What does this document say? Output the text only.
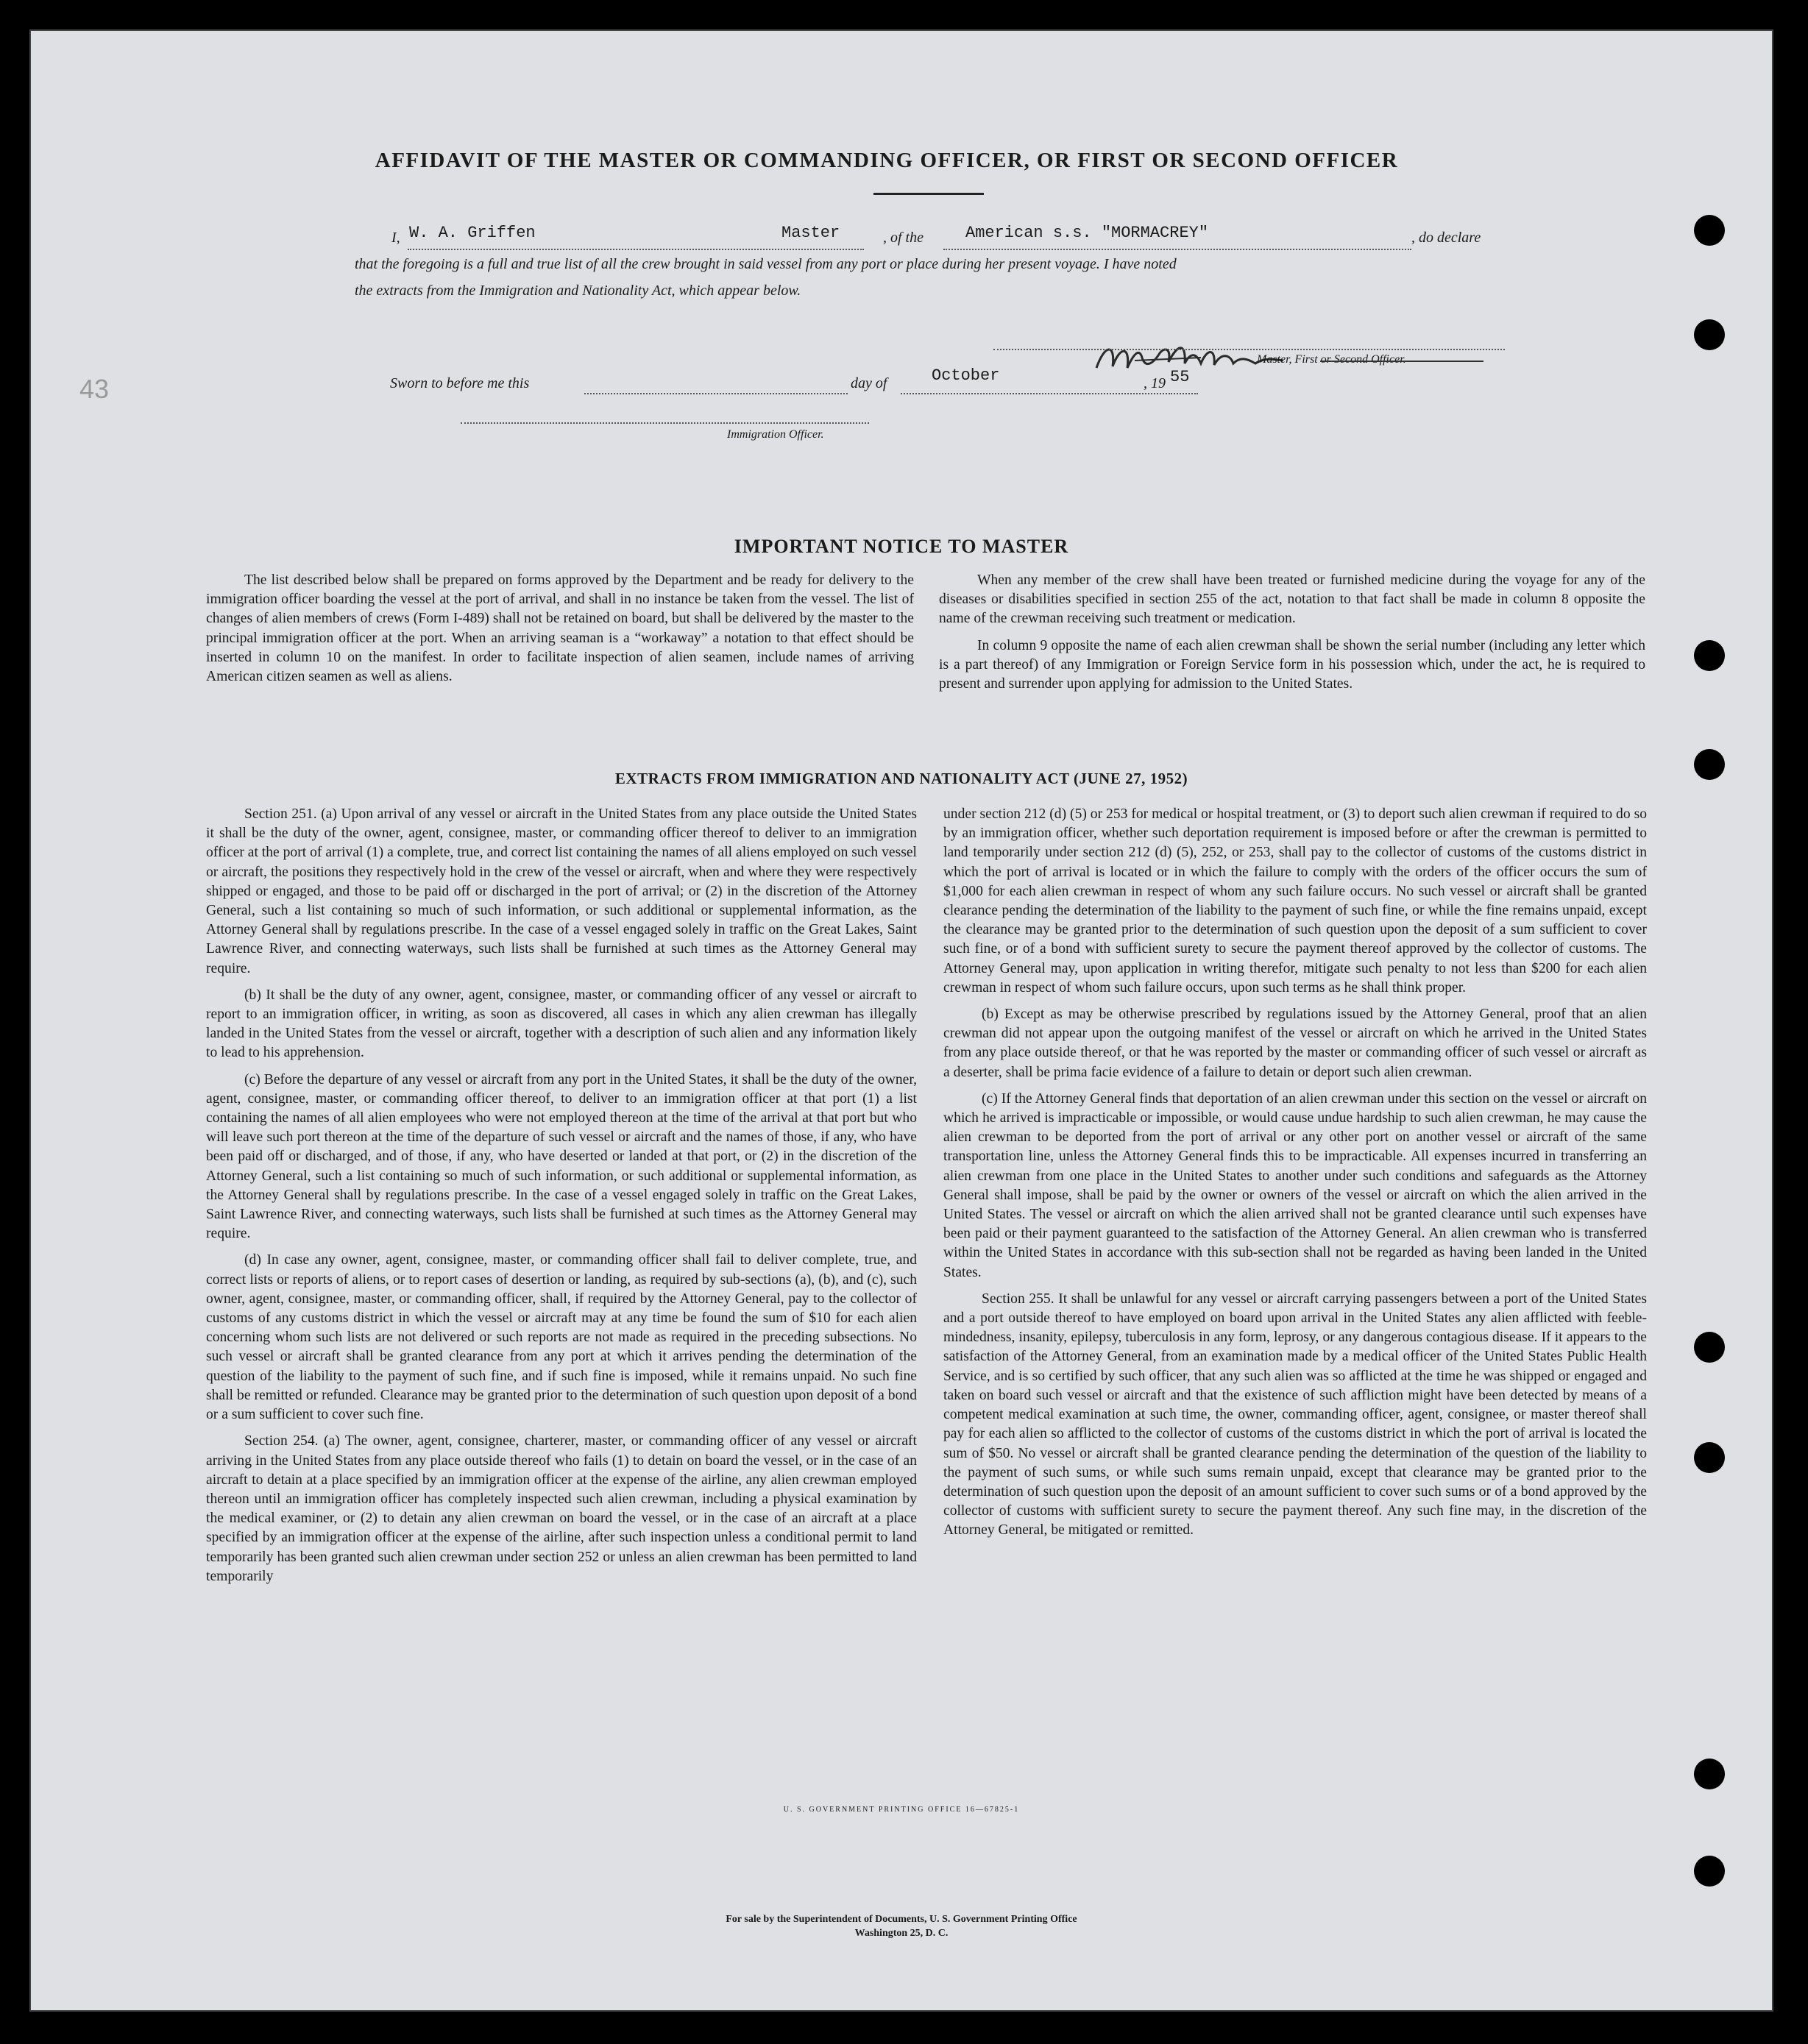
AFFIDAVIT OF THE MASTER OR COMMANDING OFFICER, OR FIRST OR SECOND OFFICER
I, W. A. Griffen	Master	, of the	American s.s. "MORMACREY"	, do declare
that the foregoing is a full and true list of all the crew brought in said vessel from any port or place during her present voyage. I have noted
the extracts from the Immigration and Nationality Act, which appear below.
Master, First or Second Officer.
Sworn to before me this	day of	October	, 19 55
Immigration Officer.
IMPORTANT NOTICE TO MASTER

The list described below shall be prepared on forms approved by the Department and be ready for delivery to the immigration officer boarding the vessel at the port of arrival, and shall in no instance be taken from the vessel. The list of changes of alien members of crews (Form I-489) shall not be retained on board, but shall be delivered by the master to the principal immigration officer at the port. When an arriving seaman is a “workaway” a notation to that effect should be inserted in column 10 on the manifest. In order to facilitate inspection of alien seamen, include names of arriving American citizen seamen as well as aliens.

When any member of the crew shall have been treated or furnished medicine during the voyage for any of the diseases or disabilities specified in section 255 of the act, notation to that fact shall be made in column 8 opposite the name of the crewman receiving such treatment or medication.

In column 9 opposite the name of each alien crewman shall be shown the serial number (including any letter which is a part thereof) of any Immigration or Foreign Service form in his possession which, under the act, he is required to present and surrender upon applying for admission to the United States.

EXTRACTS FROM IMMIGRATION AND NATIONALITY ACT (JUNE 27, 1952)

Section 251. (a) Upon arrival of any vessel or aircraft in the United States from any place outside the United States it shall be the duty of the owner, agent, consignee, master, or commanding officer thereof to deliver to an immigration officer at the port of arrival (1) a complete, true, and correct list containing the names of all aliens employed on such vessel or aircraft, the positions they respectively hold in the crew of the vessel or aircraft, when and where they were respectively shipped or engaged, and those to be paid off or discharged in the port of arrival; or (2) in the discretion of the Attorney General, such a list containing so much of such information, or such additional or supplemental information, as the Attorney General shall by regulations prescribe. In the case of a vessel engaged solely in traffic on the Great Lakes, Saint Lawrence River, and connecting waterways, such lists shall be furnished at such times as the Attorney General may require.

(b) It shall be the duty of any owner, agent, consignee, master, or commanding officer of any vessel or aircraft to report to an immigration officer, in writing, as soon as discovered, all cases in which any alien crewman has illegally landed in the United States from the vessel or aircraft, together with a description of such alien and any information likely to lead to his apprehension.

(c) Before the departure of any vessel or aircraft from any port in the United States, it shall be the duty of the owner, agent, consignee, master, or commanding officer thereof, to deliver to an immigration officer at that port (1) a list containing the names of all alien employees who were not employed thereon at the time of the arrival at that port but who will leave such port thereon at the time of the departure of such vessel or aircraft and the names of those, if any, who have been paid off or discharged, and of those, if any, who have deserted or landed at that port, or (2) in the discretion of the Attorney General, such a list containing so much of such information, or such additional or supplemental information, as the Attorney General shall by regulations prescribe. In the case of a vessel engaged solely in traffic on the Great Lakes, Saint Lawrence River, and connecting waterways, such lists shall be furnished at such times as the Attorney General may require.

(d) In case any owner, agent, consignee, master, or commanding officer shall fail to deliver complete, true, and correct lists or reports of aliens, or to report cases of desertion or landing, as required by sub-sections (a), (b), and (c), such owner, agent, consignee, master, or commanding officer, shall, if required by the Attorney General, pay to the collector of customs of any customs district in which the vessel or aircraft may at any time be found the sum of $10 for each alien concerning whom such lists are not delivered or such reports are not made as required in the preceding subsections. No such vessel or aircraft shall be granted clearance from any port at which it arrives pending the determination of the question of the liability to the payment of such fine, and if such fine is imposed, while it remains unpaid. No such fine shall be remitted or refunded. Clearance may be granted prior to the determination of such question upon deposit of a bond or a sum sufficient to cover such fine.

Section 254. (a) The owner, agent, consignee, charterer, master, or commanding officer of any vessel or aircraft arriving in the United States from any place outside thereof who fails (1) to detain on board the vessel, or in the case of an aircraft to detain at a place specified by an immigration officer at the expense of the airline, any alien crewman employed thereon until an immigration officer has completely inspected such alien crewman, including a physical examination by the medical examiner, or (2) to detain any alien crewman on board the vessel, or in the case of an aircraft at a place specified by an immigration officer at the expense of the airline, after such inspection unless a conditional permit to land temporarily has been granted such alien crewman under section 252 or unless an alien crewman has been permitted to land temporarily

under section 212 (d) (5) or 253 for medical or hospital treatment, or (3) to deport such alien crewman if required to do so by an immigration officer, whether such deportation requirement is imposed before or after the crewman is permitted to land temporarily under section 212 (d) (5), 252, or 253, shall pay to the collector of customs of the customs district in which the port of arrival is located or in which the failure to comply with the orders of the officer occurs the sum of $1,000 for each alien crewman in respect of whom any such failure occurs. No such vessel or aircraft shall be granted clearance pending the determination of the liability to the payment of such fine, or while the fine remains unpaid, except the clearance may be granted prior to the determination of such question upon the deposit of a sum sufficient to cover such fine, or of a bond with sufficient surety to secure the payment thereof approved by the collector of customs. The Attorney General may, upon application in writing therefor, mitigate such penalty to not less than $200 for each alien crewman in respect of whom such failure occurs, upon such terms as he shall think proper.

(b) Except as may be otherwise prescribed by regulations issued by the Attorney General, proof that an alien crewman did not appear upon the outgoing manifest of the vessel or aircraft on which he arrived in the United States from any place outside thereof, or that he was reported by the master or commanding officer of such vessel or aircraft as a deserter, shall be prima facie evidence of a failure to detain or deport such alien crewman.

(c) If the Attorney General finds that deportation of an alien crewman under this section on the vessel or aircraft on which he arrived is impracticable or impossible, or would cause undue hardship to such alien crewman, he may cause the alien crewman to be deported from the port of arrival or any other port on another vessel or aircraft of the same transportation line, unless the Attorney General finds this to be impracticable. All expenses incurred in transferring an alien crewman from one place in the United States to another under such conditions and safeguards as the Attorney General shall impose, shall be paid by the owner or owners of the vessel or aircraft on which the alien arrived in the United States. The vessel or aircraft on which the alien arrived shall not be granted clearance until such expenses have been paid or their payment guaranteed to the satisfaction of the Attorney General. An alien crewman who is transferred within the United States in accordance with this sub-section shall not be regarded as having been landed in the United States.

Section 255. It shall be unlawful for any vessel or aircraft carrying passengers between a port of the United States and a port outside thereof to have employed on board upon arrival in the United States any alien afflicted with feeble-mindedness, insanity, epilepsy, tuberculosis in any form, leprosy, or any dangerous contagious disease. If it appears to the satisfaction of the Attorney General, from an examination made by a medical officer of the United States Public Health Service, and is so certified by such officer, that any such alien was so afflicted at the time he was shipped or engaged and taken on board such vessel or aircraft and that the existence of such affliction might have been detected by means of a competent medical examination at such time, the owner, commanding officer, agent, consignee, or master thereof shall pay for each alien so afflicted to the collector of customs of the customs district in which the port of arrival is located the sum of $50. No vessel or aircraft shall be granted clearance pending the determination of the question of the liability to the payment of such sums, or while such sums remain unpaid, except that clearance may be granted prior to the determination of such question upon the deposit of an amount sufficient to cover such sums or of a bond approved by the collector of customs with sufficient surety to secure the payment thereof. Any such fine may, in the discretion of the Attorney General, be mitigated or remitted.

U. S. GOVERNMENT PRINTING OFFICE 16—67825-1
For sale by the Superintendent of Documents, U. S. Government Printing Office
Washington 25, D. C.
43
